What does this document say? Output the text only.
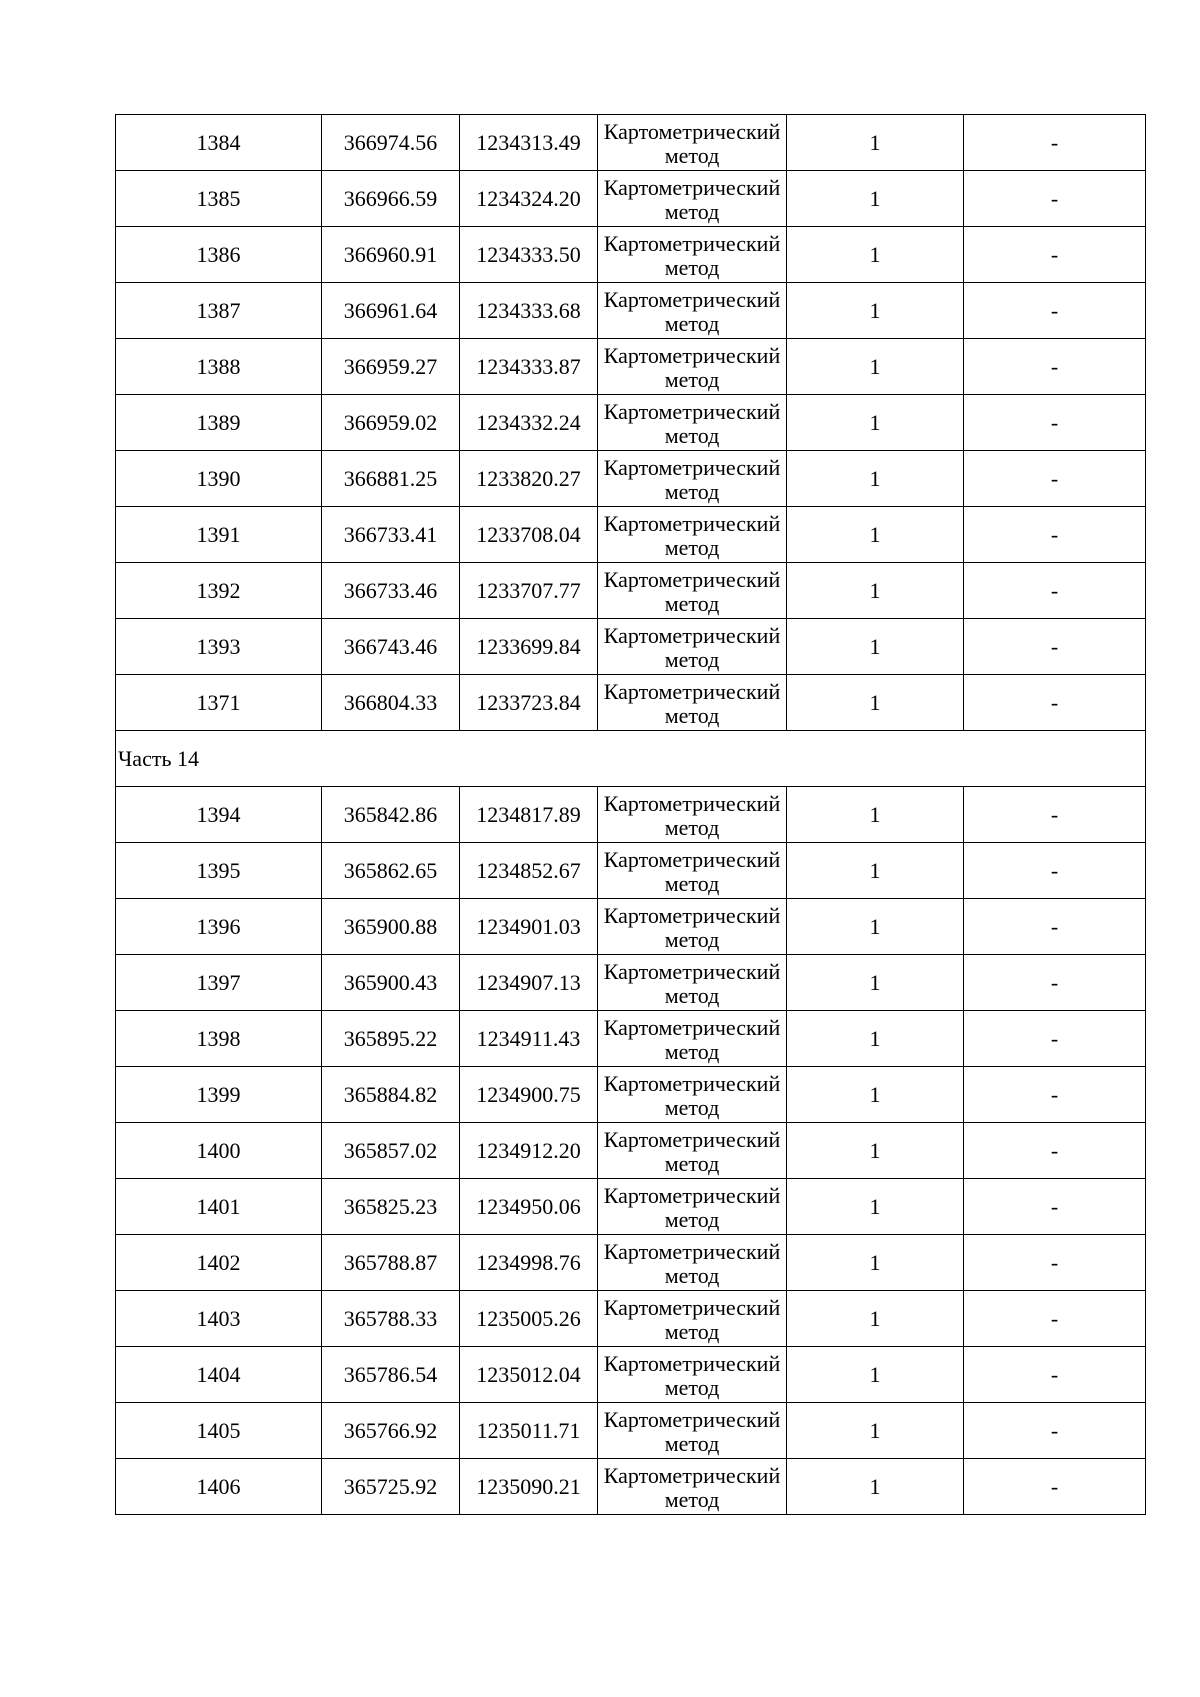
1384	366974.56	1234313.49	Картометрический метод	1	-
1385	366966.59	1234324.20	Картометрический метод	1	-
1386	366960.91	1234333.50	Картометрический метод	1	-
1387	366961.64	1234333.68	Картометрический метод	1	-
1388	366959.27	1234333.87	Картометрический метод	1	-
1389	366959.02	1234332.24	Картометрический метод	1	-
1390	366881.25	1233820.27	Картометрический метод	1	-
1391	366733.41	1233708.04	Картометрический метод	1	-
1392	366733.46	1233707.77	Картометрический метод	1	-
1393	366743.46	1233699.84	Картометрический метод	1	-
1371	366804.33	1233723.84	Картометрический метод	1	-
Часть 14					
1394	365842.86	1234817.89	Картометрический метод	1	-
1395	365862.65	1234852.67	Картометрический метод	1	-
1396	365900.88	1234901.03	Картометрический метод	1	-
1397	365900.43	1234907.13	Картометрический метод	1	-
1398	365895.22	1234911.43	Картометрический метод	1	-
1399	365884.82	1234900.75	Картометрический метод	1	-
1400	365857.02	1234912.20	Картометрический метод	1	-
1401	365825.23	1234950.06	Картометрический метод	1	-
1402	365788.87	1234998.76	Картометрический метод	1	-
1403	365788.33	1235005.26	Картометрический метод	1	-
1404	365786.54	1235012.04	Картометрический метод	1	-
1405	365766.92	1235011.71	Картометрический метод	1	-
1406	365725.92	1235090.21	Картометрический метод	1	-
